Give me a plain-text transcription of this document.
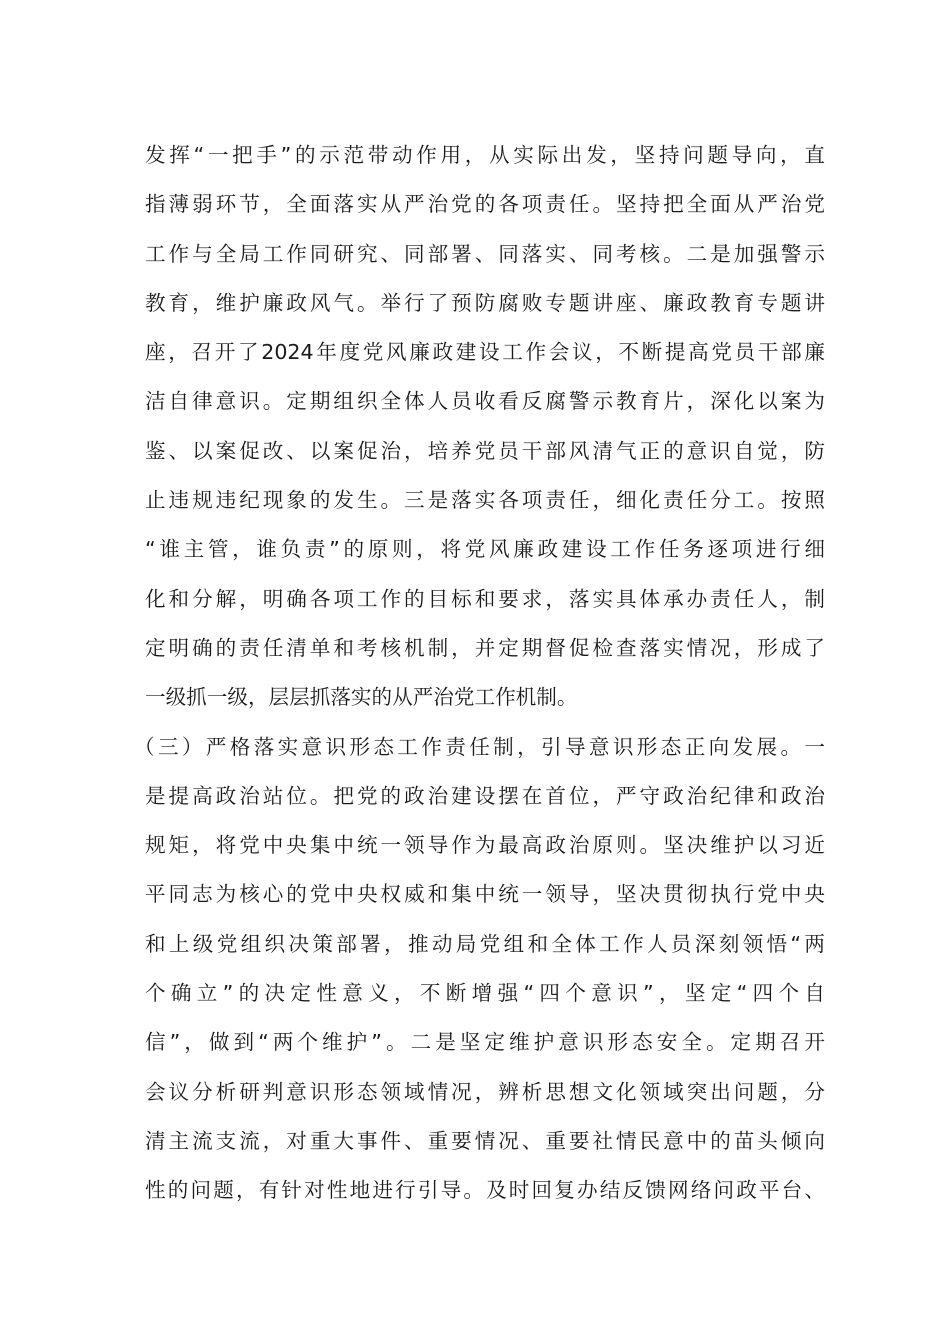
发挥“一把手”的示范带动作用，从实际出发，坚持问题导向，直
指薄弱环节，全面落实从严治党的各项责任。坚持把全面从严治党
工作与全局工作同研究、同部署、同落实、同考核。二是加强警示
教育，维护廉政风气。举行了预防腐败专题讲座、廉政教育专题讲
座，召开了2024年度党风廉政建设工作会议，不断提高党员干部廉
洁自律意识。定期组织全体人员收看反腐警示教育片，深化以案为
鉴、以案促改、以案促治，培养党员干部风清气正的意识自觉，防
止违规违纪现象的发生。三是落实各项责任，细化责任分工。按照
“谁主管，谁负责”的原则，将党风廉政建设工作任务逐项进行细
化和分解，明确各项工作的目标和要求，落实具体承办责任人，制
定明确的责任清单和考核机制，并定期督促检查落实情况，形成了
一级抓一级，层层抓落实的从严治党工作机制。
（三）严格落实意识形态工作责任制，引导意识形态正向发展。一
是提高政治站位。把党的政治建设摆在首位，严守政治纪律和政治
规矩，将党中央集中统一领导作为最高政治原则。坚决维护以习近
平同志为核心的党中央权威和集中统一领导，坚决贯彻执行党中央
和上级党组织决策部署，推动局党组和全体工作人员深刻领悟“两
个确立”的决定性意义，不断增强“四个意识”，坚定“四个自
信”，做到“两个维护”。二是坚定维护意识形态安全。定期召开
会议分析研判意识形态领域情况，辨析思想文化领域突出问题，分
清主流支流，对重大事件、重要情况、重要社情民意中的苗头倾向
性的问题，有针对性地进行引导。及时回复办结反馈网络问政平台、
